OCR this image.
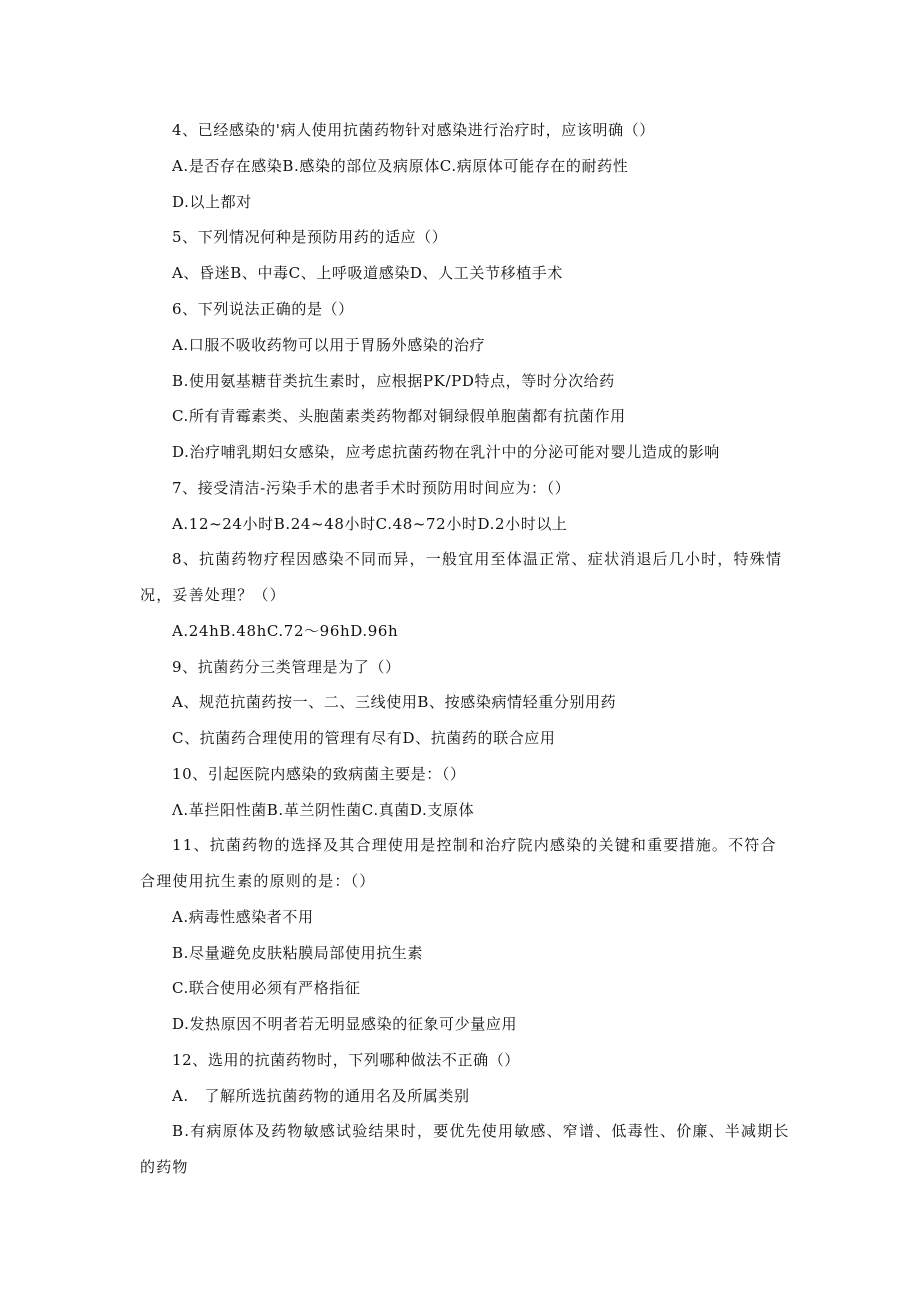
4、已经感染的'病人使用抗菌药物针对感染进行治疗时，应该明确（）
A.是否存在感染B.感染的部位及病原体C.病原体可能存在的耐药性
D.以上都对
5、下列情况何种是预防用药的适应（）
A、昏迷B、中毒C、上呼吸道感染D、人工关节移植手术
6、下列说法正确的是（）
A.口服不吸收药物可以用于胃肠外感染的治疗
B.使用氨基糖苷类抗生素时，应根据PK/PD特点，等时分次给药
C.所有青霉素类、头胞菌素类药物都对铜绿假单胞菌都有抗菌作用
D.治疗哺乳期妇女感染，应考虑抗菌药物在乳汁中的分泌可能对婴儿造成的影响
7、接受清洁-污染手术的患者手术时预防用时间应为：（）
A.12~24小时B.24~48小时C.48~72小时D.2小时以上
8、抗菌药物疗程因感染不同而异，一般宜用至体温正常、症状消退后几小时，特殊情况，妥善处理？（）
A.24hB.48hC.72～96hD.96h
9、抗菌药分三类管理是为了（）
A、规范抗菌药按一、二、三线使用B、按感染病情轻重分别用药
C、抗菌药合理使用的管理有尽有D、抗菌药的联合应用
10、引起医院内感染的致病菌主要是：（）
Λ.革拦阳性菌B.革兰阴性菌C.真菌D.支原体
11、抗菌药物的选择及其合理使用是控制和治疗院内感染的关键和重要措施。不符合合理使用抗生素的原则的是：（）
A.病毒性感染者不用
B.尽量避免皮肤粘膜局部使用抗生素
C.联合使用必须有严格指征
D.发热原因不明者若无明显感染的征象可少量应用
12、选用的抗菌药物时，下列哪种做法不正确（）
A.　了解所选抗菌药物的通用名及所属类别
B.有病原体及药物敏感试验结果时，要优先使用敏感、窄谱、低毒性、价廉、半减期长的药物
